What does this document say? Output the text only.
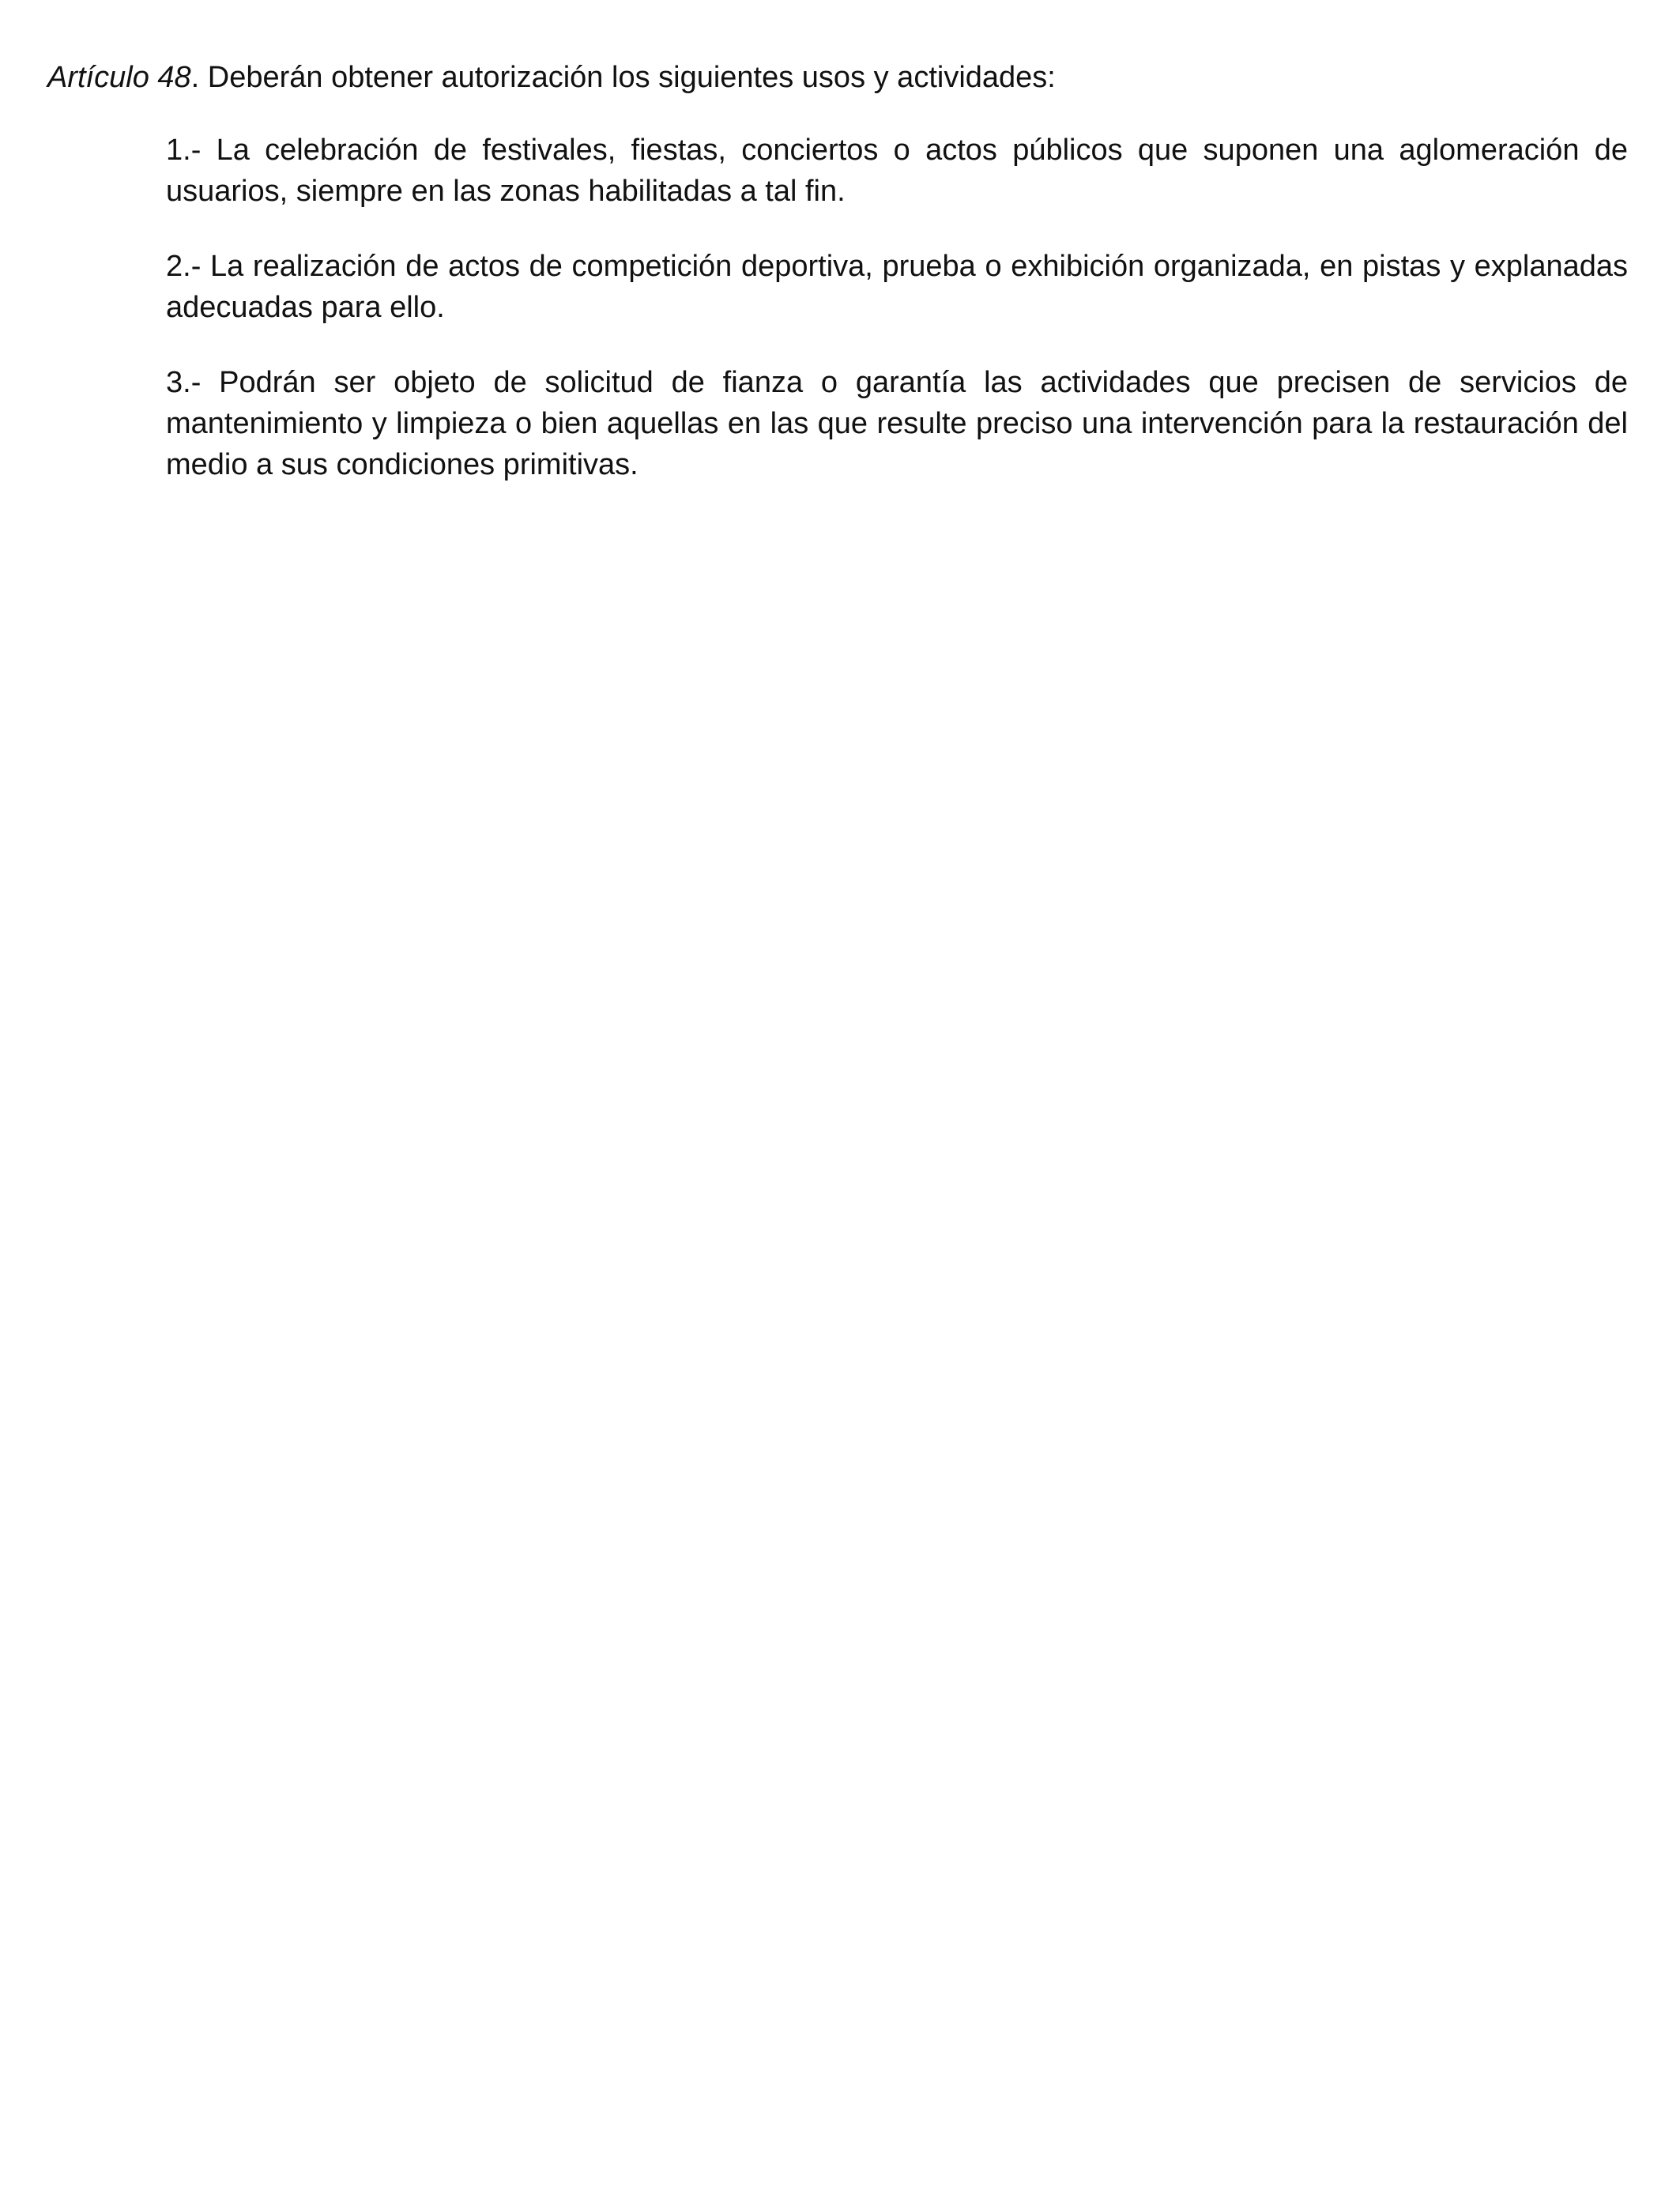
Artículo 48. Deberán obtener autorización los siguientes usos y actividades:

1.- La celebración de festivales, fiestas, conciertos o actos públicos que suponen una aglomeración de usuarios, siempre en las zonas habilitadas a tal fin.

2.- La realización de actos de competición deportiva, prueba o exhibición organizada, en pistas y explanadas adecuadas para ello.

3.- Podrán ser objeto de solicitud de fianza o garantía las actividades que precisen de servicios de mantenimiento y limpieza o bien aquellas en las que resulte preciso una intervención para la restauración del medio a sus condiciones primitivas.
